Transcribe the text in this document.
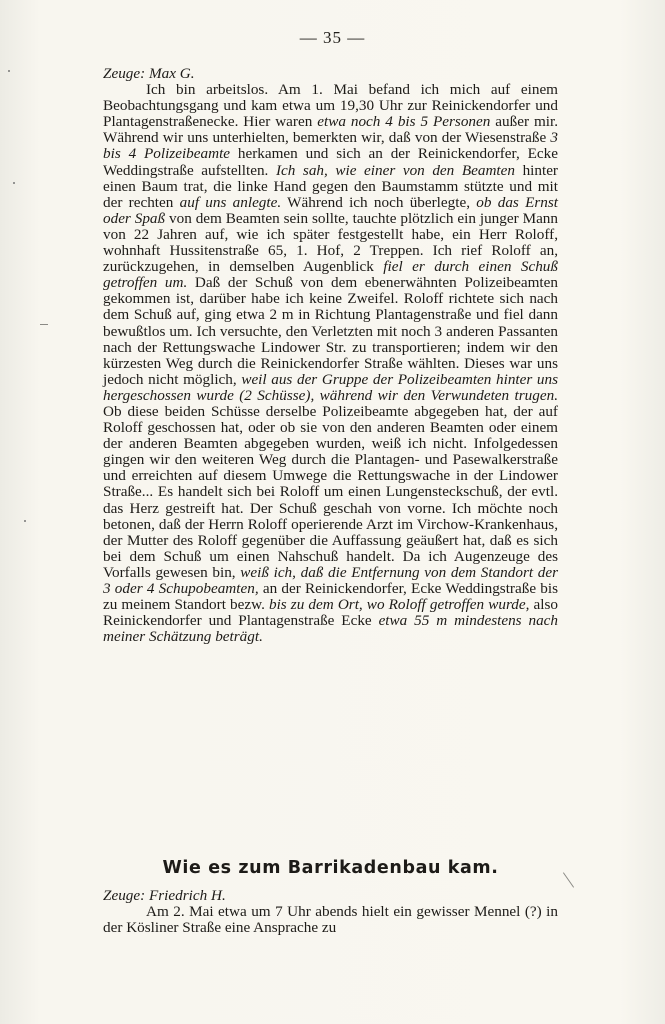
— 35 —

Zeuge: Max G.

Ich bin arbeitslos. Am 1. Mai befand ich mich auf einem Beobachtungsgang und kam etwa um 19,30 Uhr zur Reinickendorfer und Plantagenstraßenecke. Hier waren etwa noch 4 bis 5 Personen außer mir. Während wir uns unterhielten, bemerkten wir, daß von der Wiesenstraße 3 bis 4 Polizeibeamte herkamen und sich an der Reinickendorfer, Ecke Weddingstraße aufstellten. Ich sah, wie einer von den Beamten hinter einen Baum trat, die linke Hand gegen den Baumstamm stützte und mit der rechten auf uns anlegte. Während ich noch überlegte, ob das Ernst oder Spaß von dem Beamten sein sollte, tauchte plötzlich ein junger Mann von 22 Jahren auf, wie ich später festgestellt habe, ein Herr Roloff, wohnhaft Hussitenstraße 65, 1. Hof, 2 Treppen. Ich rief Roloff an, zurückzugehen, in demselben Augenblick fiel er durch einen Schuß getroffen um. Daß der Schuß von dem ebenerwähnten Polizeibeamten gekommen ist, darüber habe ich keine Zweifel. Roloff richtete sich nach dem Schuß auf, ging etwa 2 m in Richtung Plantagenstraße und fiel dann bewußtlos um. Ich versuchte, den Verletzten mit noch 3 anderen Passanten nach der Rettungswache Lindower Str. zu transportieren; indem wir den kürzesten Weg durch die Reinickendorfer Straße wählten. Dieses war uns jedoch nicht möglich, weil aus der Gruppe der Polizeibeamten hinter uns hergeschossen wurde (2 Schüsse), während wir den Verwundeten trugen. Ob diese beiden Schüsse derselbe Polizeibeamte abgegeben hat, der auf Roloff geschossen hat, oder ob sie von den anderen Beamten oder einem der anderen Beamten abgegeben wurden, weiß ich nicht. Infolgedessen gingen wir den weiteren Weg durch die Plantagen- und Pasewalkerstraße und erreichten auf diesem Umwege die Rettungswache in der Lindower Straße... Es handelt sich bei Roloff um einen Lungensteckschuß, der evtl. das Herz gestreift hat. Der Schuß geschah von vorne. Ich möchte noch betonen, daß der Herrn Roloff operierende Arzt im Virchow-Krankenhaus, der Mutter des Roloff gegenüber die Auffassung geäußert hat, daß es sich bei dem Schuß um einen Nahschuß handelt. Da ich Augenzeuge des Vorfalls gewesen bin, weiß ich, daß die Entfernung von dem Standort der 3 oder 4 Schupobeamten, an der Reinickendorfer, Ecke Weddingstraße bis zu meinem Standort bezw. bis zu dem Ort, wo Roloff getroffen wurde, also Reinickendorfer und Plantagenstraße Ecke etwa 55 m mindestens nach meiner Schätzung beträgt.

Wie es zum Barrikadenbau kam.

Zeuge: Friedrich H.

Am 2. Mai etwa um 7 Uhr abends hielt ein gewisser Mennel (?) in der Kösliner Straße eine Ansprache zu
